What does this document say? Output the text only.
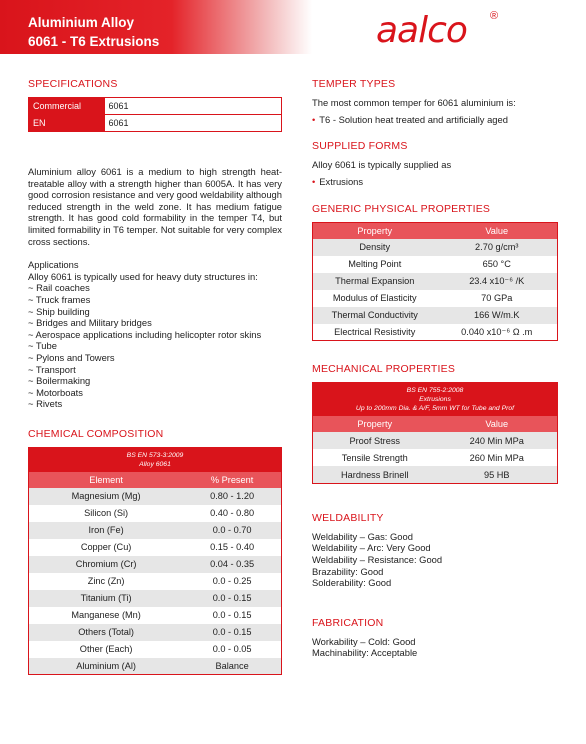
Aluminium Alloy
6061 - T6 Extrusions	aalco ®
SPECIFICATIONS
Commercial	6061
EN	6061

Aluminium alloy 6061 is a medium to high strength heat-treatable alloy with a strength higher than 6005A. It has very good corrosion resistance and very good weldability although reduced strength in the weld zone. It has medium fatigue strength. It has good cold formability in the temper T4, but limited formability in T6 temper. Not suitable for very complex cross sections.

Applications
Alloy 6061 is typically used for heavy duty structures in:
~ Rail coaches
~ Truck frames
~ Ship building
~ Bridges and Military bridges
~ Aerospace applications including helicopter rotor skins
~ Tube
~ Pylons and Towers
~ Transport
~ Boilermaking
~ Motorboats
~ Rivets
CHEMICAL COMPOSITION
BS EN 573-3:2009
Alloy 6061	

Element	% Present
Magnesium (Mg)	0.80 - 1.20
Silicon (Si)	0.40 - 0.80
Iron (Fe)	0.0 - 0.70
Copper (Cu)	0.15 - 0.40
Chromium (Cr)	0.04 - 0.35
Zinc (Zn)	0.0 - 0.25
Titanium (Ti)	0.0 - 0.15
Manganese (Mn)	0.0 - 0.15
Others (Total)	0.0 - 0.15
Other (Each)	0.0 - 0.05
Aluminium (Al)	Balance
TEMPER TYPES
The most common temper for 6061 aluminium is:
• T6 - Solution heat treated and artificially aged
SUPPLIED FORMS
Alloy 6061 is typically supplied as
• Extrusions
GENERIC PHYSICAL PROPERTIES
Property	Value
Density	2.70 g/cm³
Melting Point	650 °C
Thermal Expansion	23.4 x10⁻⁶ /K
Modulus of Elasticity	70 GPa
Thermal Conductivity	166 W/m.K
Electrical Resistivity	0.040 x10⁻⁶ Ω .m
MECHANICAL PROPERTIES
BS EN 755-2:2008
Extrusions
Up to 200mm Dia. & A/F, 5mm WT for Tube and Prof	

Property	Value
Proof Stress	240 Min MPa
Tensile Strength	260 Min MPa
Hardness Brinell	95 HB
WELDABILITY
Weldability – Gas: Good
Weldability – Arc: Very Good
Weldability – Resistance: Good
Brazability: Good
Solderability: Good
FABRICATION
Workability – Cold: Good
Machinability: Acceptable
